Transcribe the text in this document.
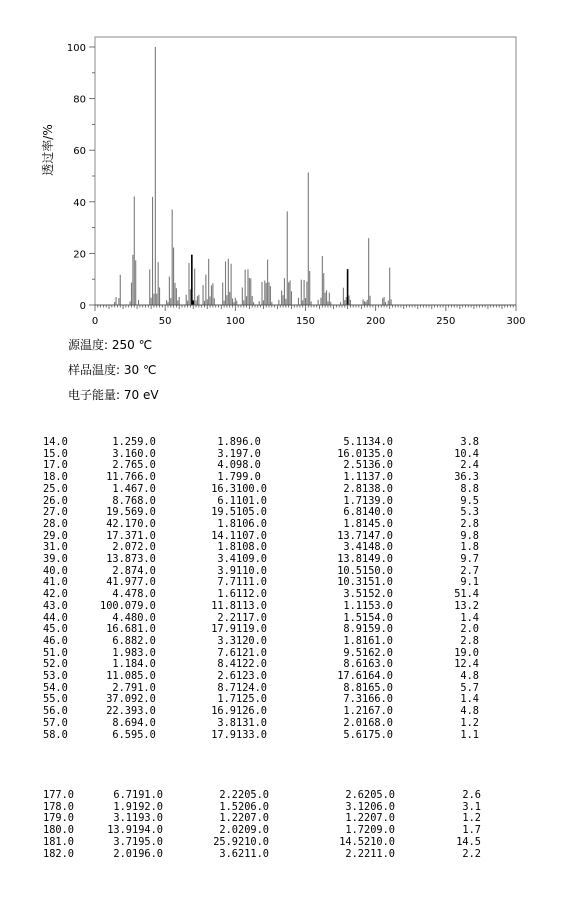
0	50	100	150	200	250	300
0
20
40
60
80
100
透过率/%
源温度: 250 ℃
样品温度: 30 ℃
电子能量: 70 eV
14.0	1.2	59.0	1.8	96.0	5.1	134.0	3.8
15.0	3.1	60.0	3.1	97.0	16.0	135.0	10.4
17.0	2.7	65.0	4.0	98.0	2.5	136.0	2.4
18.0	11.7	66.0	1.7	99.0	1.1	137.0	36.3
25.0	1.4	67.0	16.3	100.0	2.8	138.0	8.8
26.0	8.7	68.0	6.1	101.0	1.7	139.0	9.5
27.0	19.5	69.0	19.5	105.0	6.8	140.0	5.3
28.0	42.1	70.0	1.8	106.0	1.8	145.0	2.8
29.0	17.3	71.0	14.1	107.0	13.7	147.0	9.8
31.0	2.0	72.0	1.8	108.0	3.4	148.0	1.8
39.0	13.8	73.0	3.4	109.0	13.8	149.0	9.7
40.0	2.8	74.0	3.9	110.0	10.5	150.0	2.7
41.0	41.9	77.0	7.7	111.0	10.3	151.0	9.1
42.0	4.4	78.0	1.6	112.0	3.5	152.0	51.4
43.0	100.0	79.0	11.8	113.0	1.1	153.0	13.2
44.0	4.4	80.0	2.2	117.0	1.5	154.0	1.4
45.0	16.6	81.0	17.9	119.0	8.9	159.0	2.0
46.0	6.8	82.0	3.3	120.0	1.8	161.0	2.8
51.0	1.9	83.0	7.6	121.0	9.5	162.0	19.0
52.0	1.1	84.0	8.4	122.0	8.6	163.0	12.4
53.0	11.0	85.0	2.6	123.0	17.6	164.0	4.8
54.0	2.7	91.0	8.7	124.0	8.8	165.0	5.7
55.0	37.0	92.0	1.7	125.0	7.3	166.0	1.4
56.0	22.3	93.0	16.9	126.0	1.2	167.0	4.8
57.0	8.6	94.0	3.8	131.0	2.0	168.0	1.2
58.0	6.5	95.0	17.9	133.0	5.6	175.0	1.1
177.0	6.7	191.0	2.2	205.0	2.6	205.0	2.6
178.0	1.9	192.0	1.5	206.0	3.1	206.0	3.1
179.0	3.1	193.0	1.2	207.0	1.2	207.0	1.2
180.0	13.9	194.0	2.0	209.0	1.7	209.0	1.7
181.0	3.7	195.0	25.9	210.0	14.5	210.0	14.5
182.0	2.0	196.0	3.6	211.0	2.2	211.0	2.2
